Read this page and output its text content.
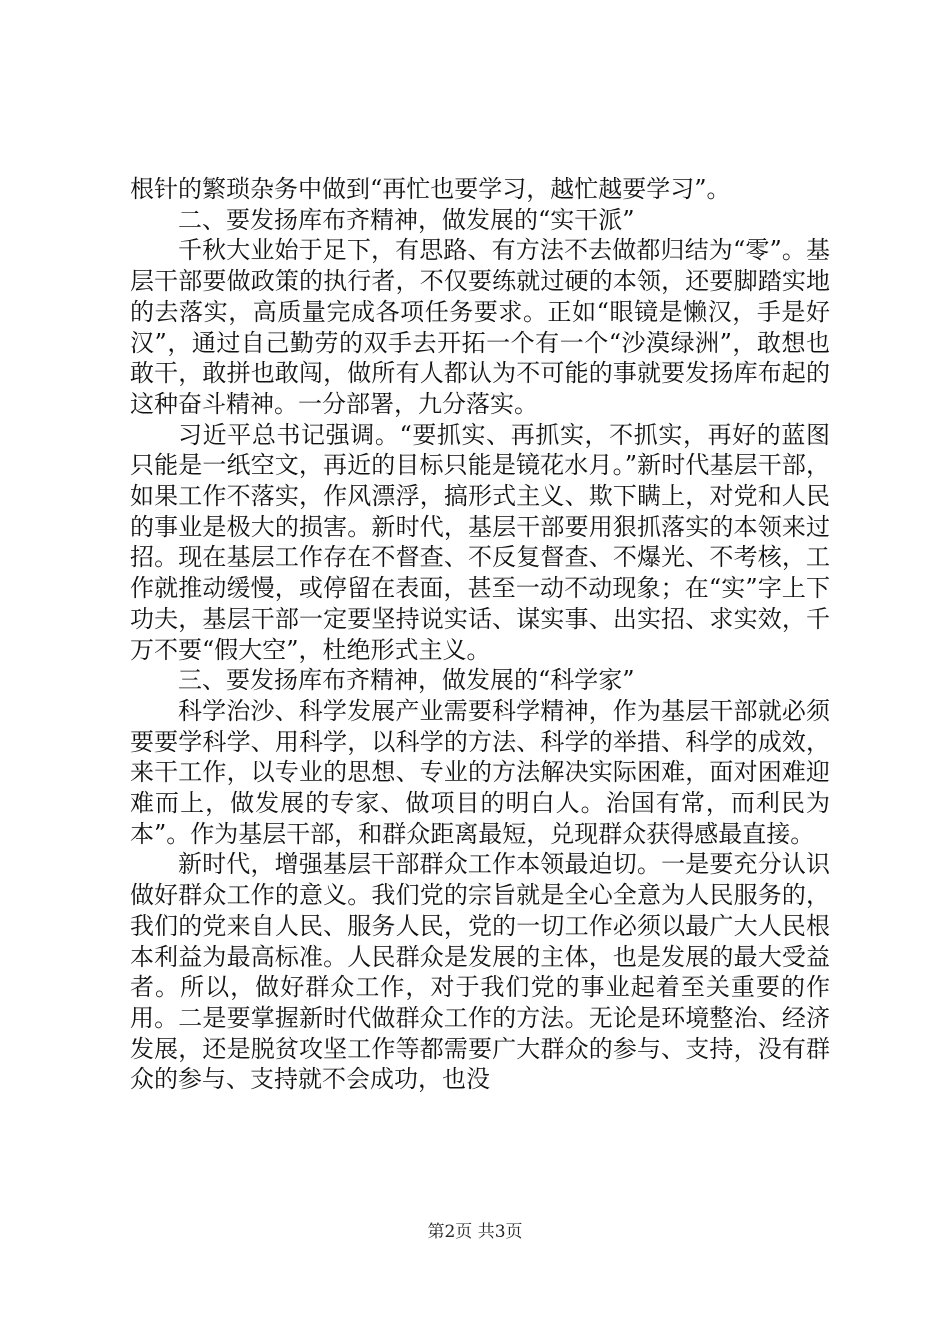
根针的繁琐杂务中做到“再忙也要学习，越忙越要学习”。

二、要发扬库布齐精神，做发展的“实干派”

千秋大业始于足下，有思路、有方法不去做都归结为“零”。基层干部要做政策的执行者，不仅要练就过硬的本领，还要脚踏实地的去落实，高质量完成各项任务要求。正如“眼镜是懒汉，手是好汉”，通过自己勤劳的双手去开拓一个有一个“沙漠绿洲”，敢想也敢干，敢拼也敢闯，做所有人都认为不可能的事就要发扬库布起的这种奋斗精神。一分部署，九分落实。

习近平总书记强调。“要抓实、再抓实，不抓实，再好的蓝图只能是一纸空文，再近的目标只能是镜花水月。”新时代基层干部，如果工作不落实，作风漂浮，搞形式主义、欺下瞒上，对党和人民的事业是极大的损害。新时代，基层干部要用狠抓落实的本领来过招。现在基层工作存在不督查、不反复督查、不爆光、不考核，工作就推动缓慢，或停留在表面，甚至一动不动现象；在“实”字上下功夫，基层干部一定要坚持说实话、谋实事、出实招、求实效，千万不要“假大空”，杜绝形式主义。

三、要发扬库布齐精神，做发展的“科学家”

科学治沙、科学发展产业需要科学精神，作为基层干部就必须要要学科学、用科学，以科学的方法、科学的举措、科学的成效，来干工作，以专业的思想、专业的方法解决实际困难，面对困难迎难而上，做发展的专家、做项目的明白人。治国有常，而利民为本”。作为基层干部，和群众距离最短，兑现群众获得感最直接。

新时代，增强基层干部群众工作本领最迫切。一是要充分认识做好群众工作的意义。我们党的宗旨就是全心全意为人民服务的，我们的党来自人民、服务人民，党的一切工作必须以最广大人民根本利益为最高标准。人民群众是发展的主体，也是发展的最大受益者。所以，做好群众工作，对于我们党的事业起着至关重要的作用。二是要掌握新时代做群众工作的方法。无论是环境整治、经济发展，还是脱贫攻坚工作等都需要广大群众的参与、支持，没有群众的参与、支持就不会成功，也没

第2页 共3页
